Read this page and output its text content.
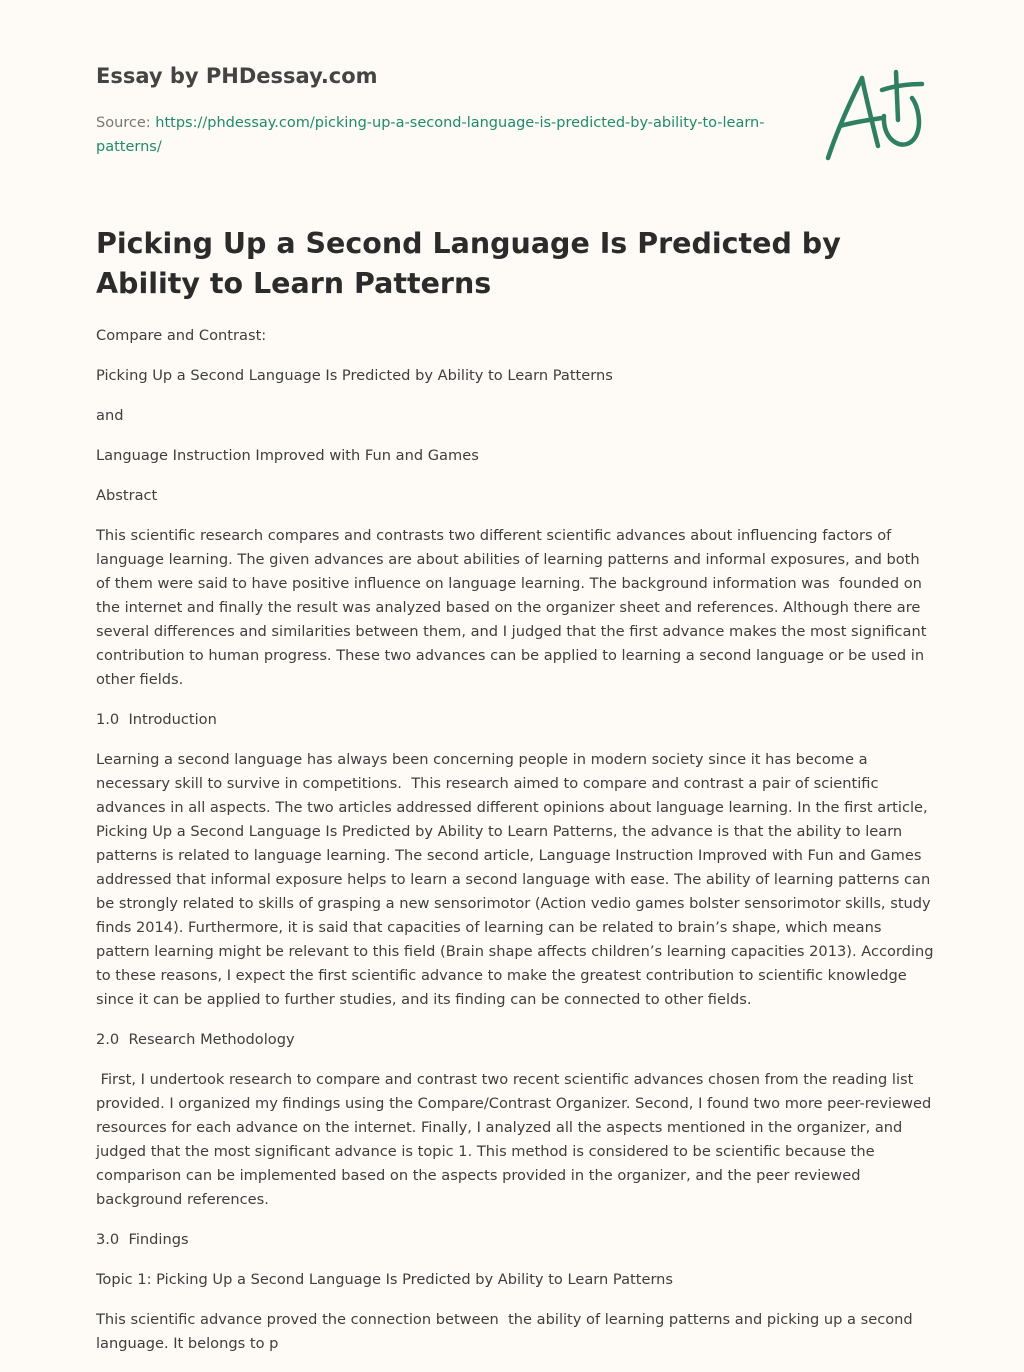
Essay by PHDessay.com

Source: https://phdessay.com/picking-up-a-second-language-is-predicted-by-ability-to-learn-patterns/

Picking Up a Second Language Is Predicted by Ability to Learn Patterns

Compare and Contrast:

Picking Up a Second Language Is Predicted by Ability to Learn Patterns

and

Language Instruction Improved with Fun and Games

Abstract

This scientific research compares and contrasts two different scientific advances about influencing factors of language learning. The given advances are about abilities of learning patterns and informal exposures, and both of them were said to have positive influence on language learning. The background information was  founded on the internet and finally the result was analyzed based on the organizer sheet and references. Although there are several differences and similarities between them, and I judged that the first advance makes the most significant contribution to human progress. These two advances can be applied to learning a second language or be used in other fields.

1.0  Introduction

Learning a second language has always been concerning people in modern society since it has become a necessary skill to survive in competitions.  This research aimed to compare and contrast a pair of scientific advances in all aspects. The two articles addressed different opinions about language learning. In the first article, Picking Up a Second Language Is Predicted by Ability to Learn Patterns, the advance is that the ability to learn patterns is related to language learning. The second article, Language Instruction Improved with Fun and Games addressed that informal exposure helps to learn a second language with ease. The ability of learning patterns can be strongly related to skills of grasping a new sensorimotor (Action vedio games bolster sensorimotor skills, study finds 2014). Furthermore, it is said that capacities of learning can be related to brain’s shape, which means pattern learning might be relevant to this field (Brain shape affects children’s learning capacities 2013). According to these reasons, I expect the first scientific advance to make the greatest contribution to scientific knowledge since it can be applied to further studies, and its finding can be connected to other fields.

2.0  Research Methodology

First, I undertook research to compare and contrast two recent scientific advances chosen from the reading list provided. I organized my findings using the Compare/Contrast Organizer. Second, I found two more peer-reviewed resources for each advance on the internet. Finally, I analyzed all the aspects mentioned in the organizer, and judged that the most significant advance is topic 1. This method is considered to be scientific because the comparison can be implemented based on the aspects provided in the organizer, and the peer reviewed background references.

3.0  Findings

Topic 1: Picking Up a Second Language Is Predicted by Ability to Learn Patterns

This scientific advance proved the connection between  the ability of learning patterns and picking up a second language. It belongs to p
